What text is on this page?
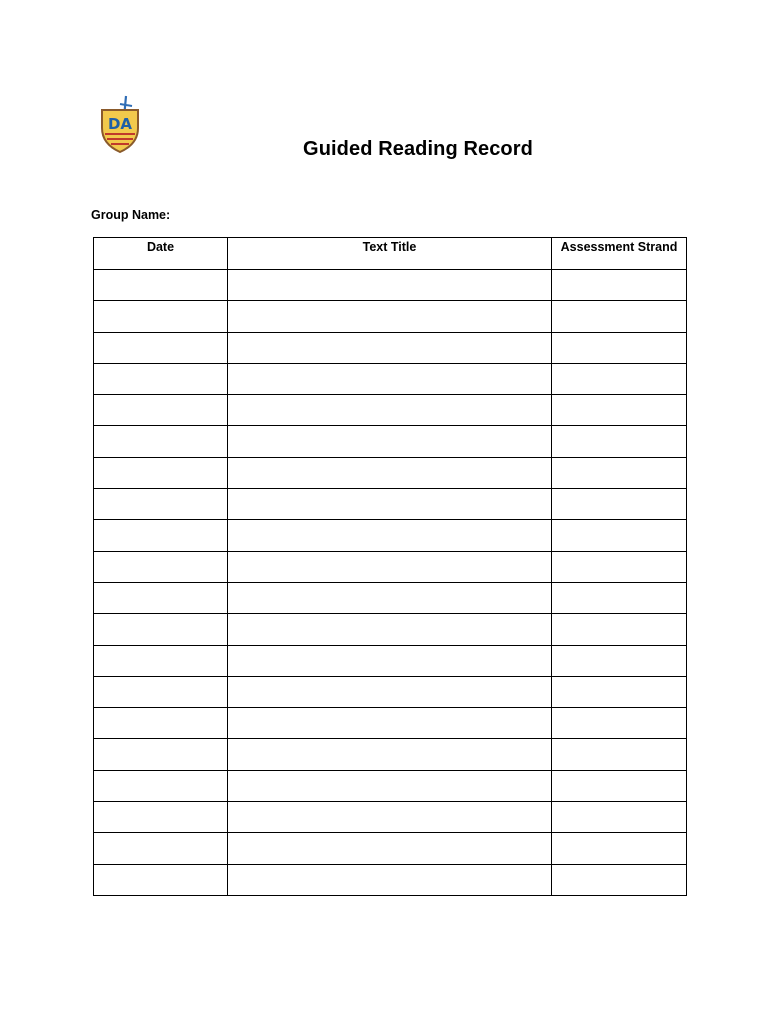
DA
Guided Reading Record
Group Name:
Date	Text Title	Assessment Strand
